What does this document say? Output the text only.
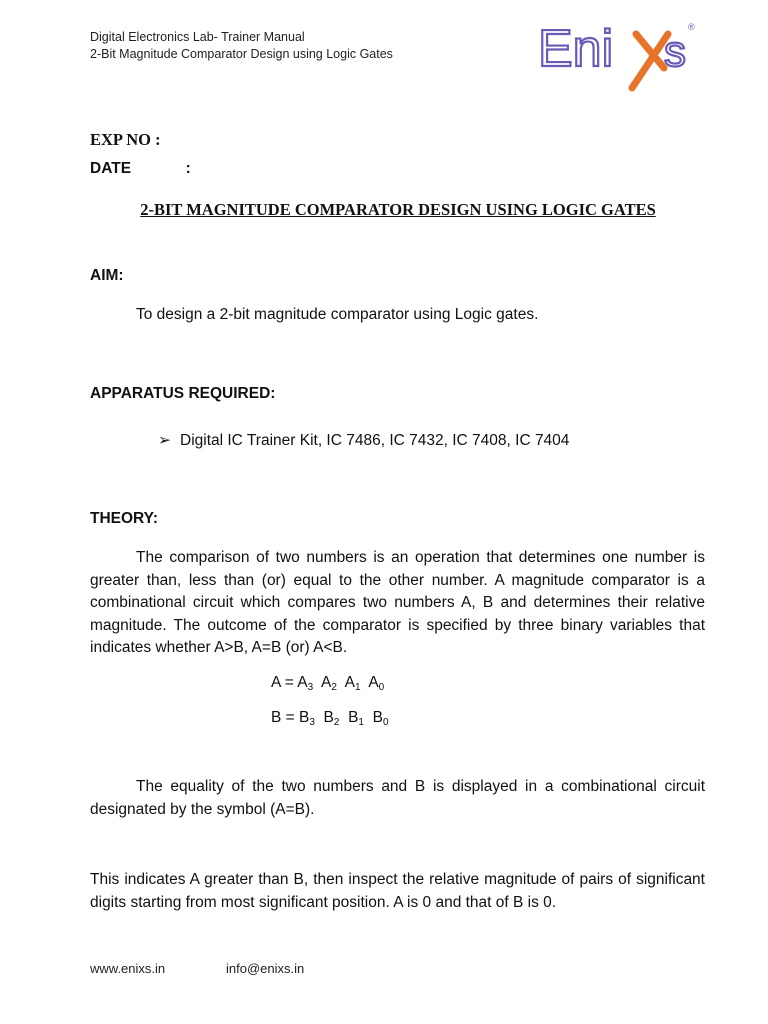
Digital Electronics Lab- Trainer Manual
2-Bit Magnitude Comparator Design using Logic Gates	Eni s ®
EXP NO :
DATE	:
2-BIT MAGNITUDE COMPARATOR DESIGN USING LOGIC GATES
AIM:
To design a 2-bit magnitude comparator using Logic gates.
APPARATUS REQUIRED:
➢ Digital IC Trainer Kit, IC 7486, IC 7432, IC 7408, IC 7404
THEORY:
The comparison of two numbers is an operation that determines one number is greater than, less than (or) equal to the other number. A magnitude comparator is a combinational circuit which compares two numbers A, B and determines their relative magnitude. The outcome of the comparator is specified by three binary variables that indicates whether A>B, A=B (or) A<B.
$A = A_3$ $A_2$ $A_1$ $A_0$
$B = B_3$ $B_2$ $B_1$ $B_0$
The equality of the two numbers and B is displayed in a combinational circuit designated by the symbol (A=B).
This indicates A greater than B, then inspect the relative magnitude of pairs of significant digits starting from most significant position. A is 0 and that of B is 0.
www.enixs.in	info@enixs.in
